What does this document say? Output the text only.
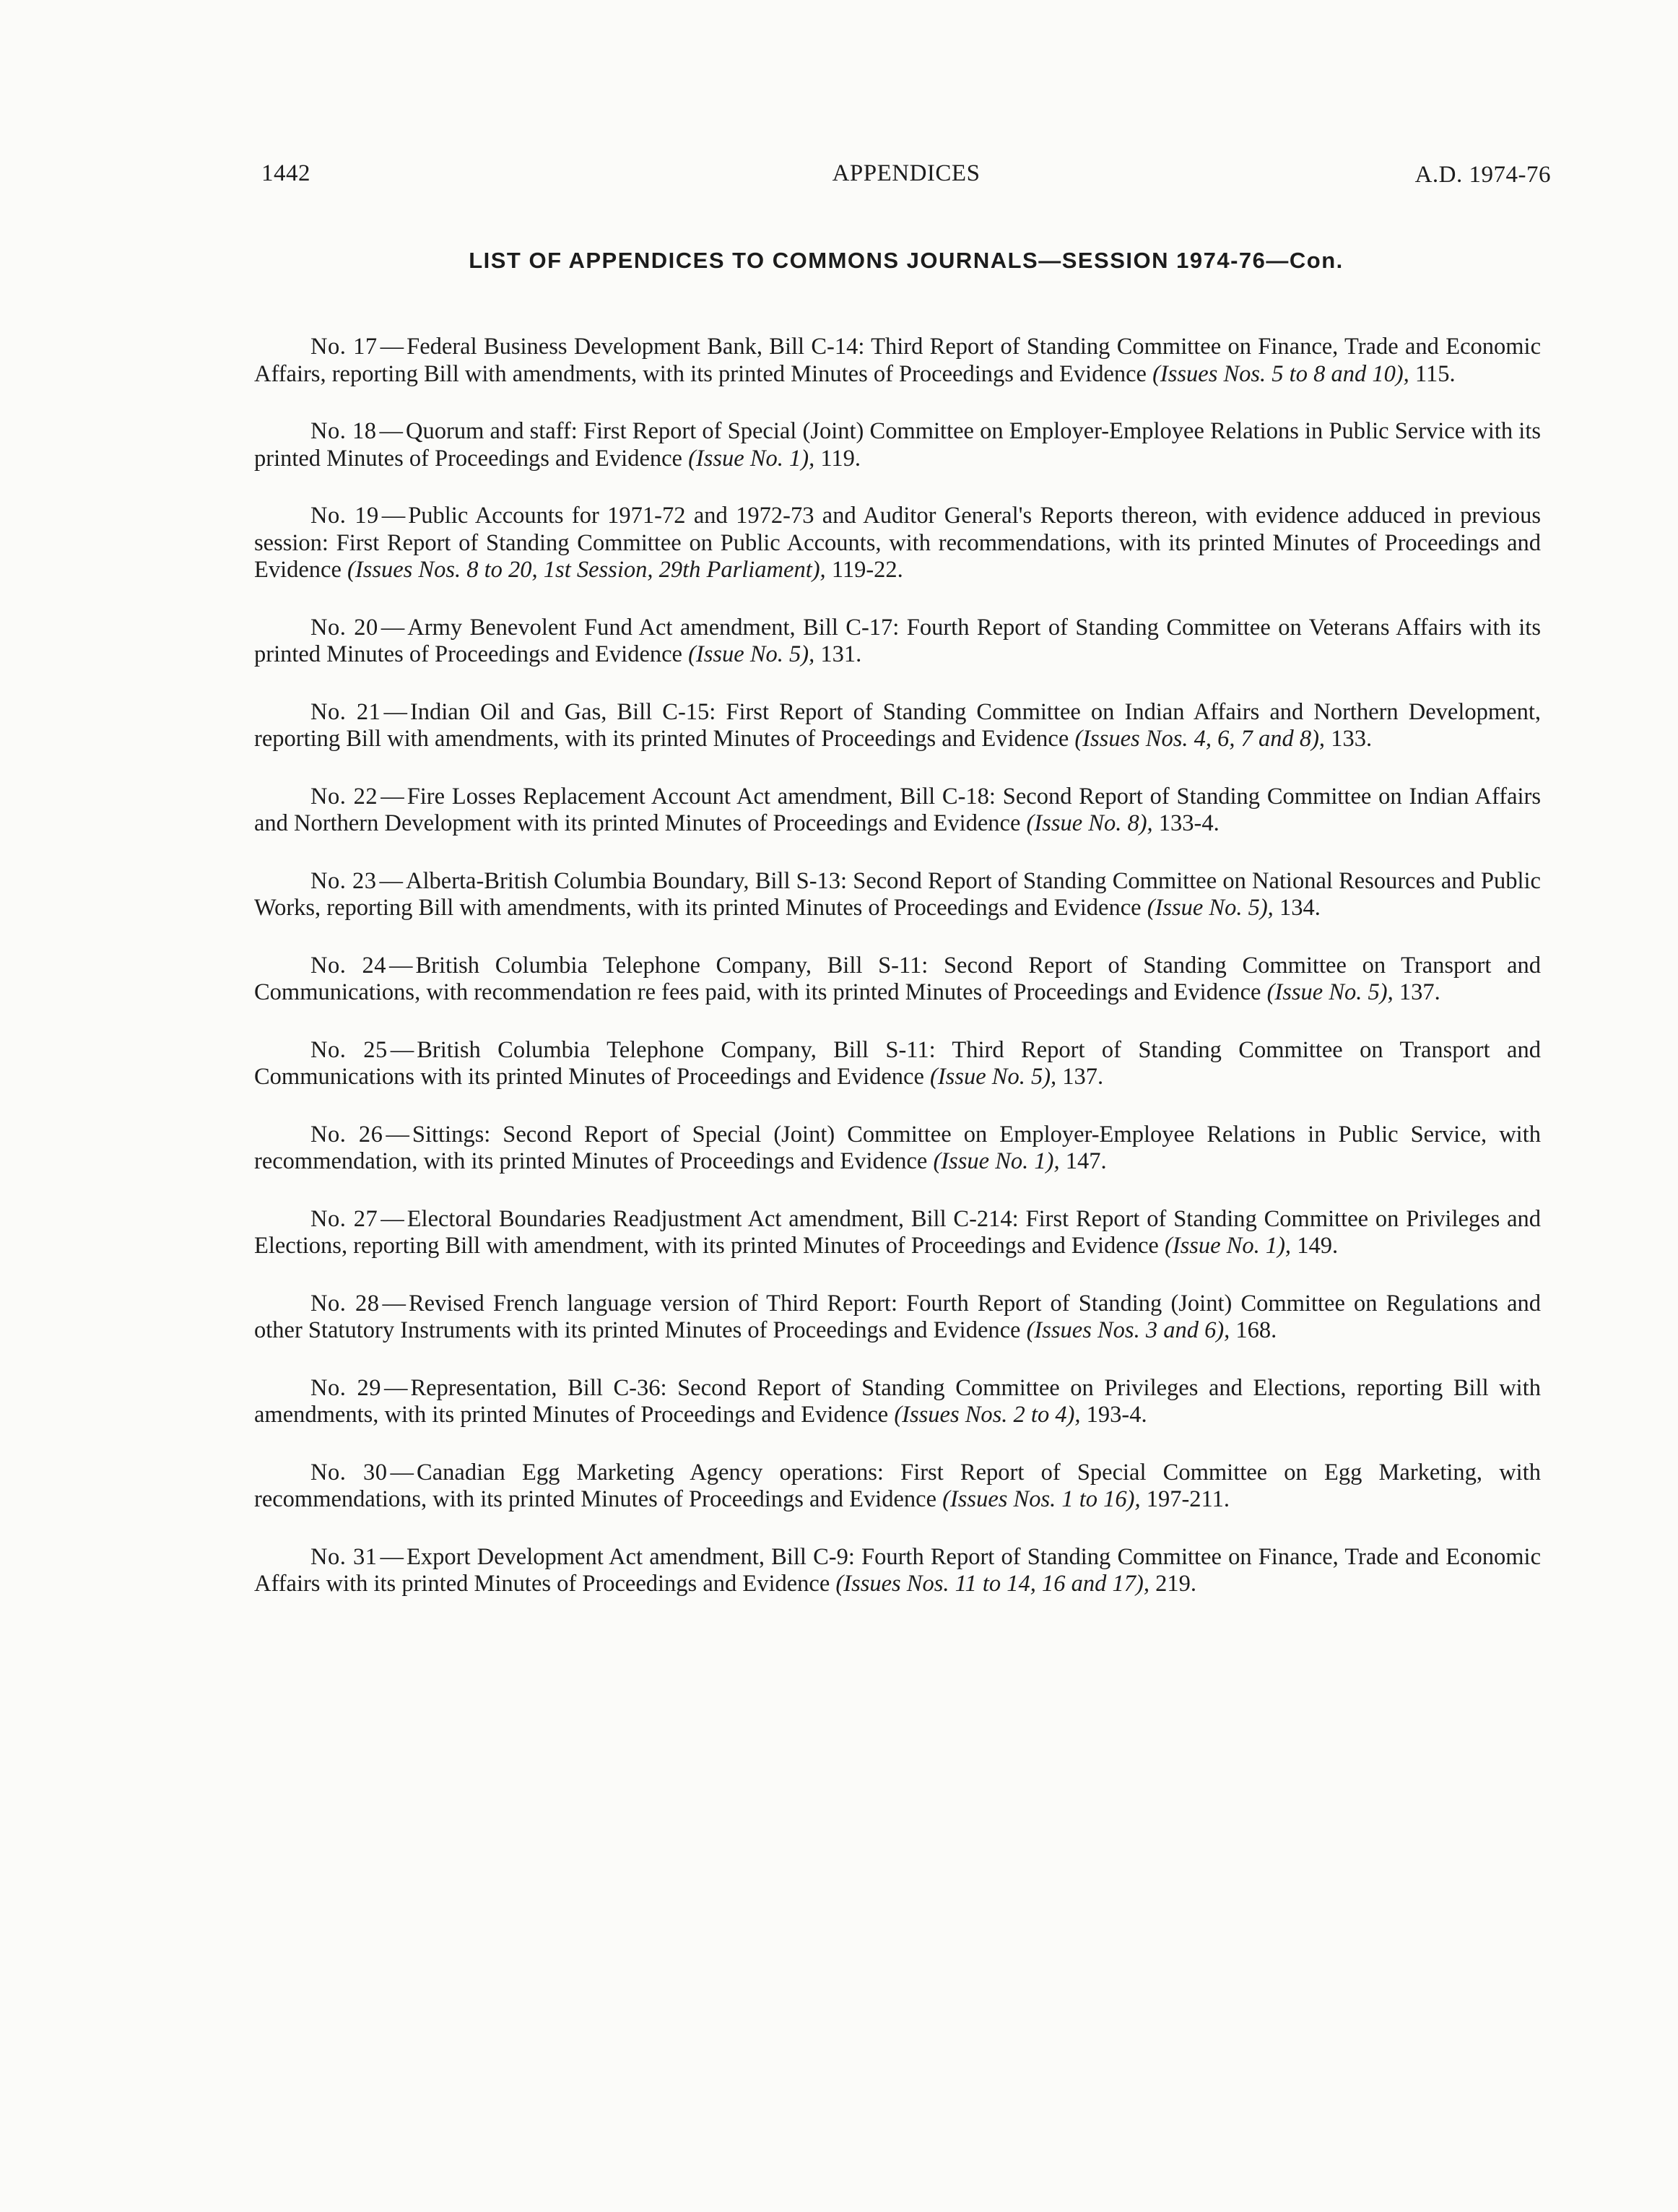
1442	APPENDICES	A.D. 1974-76
LIST OF APPENDICES TO COMMONS JOURNALS—SESSION 1974-76—Con.

No. 17 — Federal Business Development Bank, Bill C-14: Third Report of Standing Committee on Finance, Trade and Economic Affairs, reporting Bill with amendments, with its printed Minutes of Proceedings and Evidence (Issues Nos. 5 to 8 and 10), 115.

No. 18 — Quorum and staff: First Report of Special (Joint) Committee on Employer-Employee Relations in Public Service with its printed Minutes of Proceedings and Evidence (Issue No. 1), 119.

No. 19 — Public Accounts for 1971-72 and 1972-73 and Auditor General's Reports thereon, with evidence adduced in previous session: First Report of Standing Committee on Public Accounts, with recommendations, with its printed Minutes of Proceedings and Evidence (Issues Nos. 8 to 20, 1st Session, 29th Parliament), 119-22.

No. 20 — Army Benevolent Fund Act amendment, Bill C-17: Fourth Report of Standing Committee on Veterans Affairs with its printed Minutes of Proceedings and Evidence (Issue No. 5), 131.

No. 21 — Indian Oil and Gas, Bill C-15: First Report of Standing Committee on Indian Affairs and Northern Development, reporting Bill with amendments, with its printed Minutes of Proceedings and Evidence (Issues Nos. 4, 6, 7 and 8), 133.

No. 22 — Fire Losses Replacement Account Act amendment, Bill C-18: Second Report of Standing Committee on Indian Affairs and Northern Development with its printed Minutes of Proceedings and Evidence (Issue No. 8), 133-4.

No. 23 — Alberta-British Columbia Boundary, Bill S-13: Second Report of Standing Committee on National Resources and Public Works, reporting Bill with amendments, with its printed Minutes of Proceedings and Evidence (Issue No. 5), 134.

No. 24 — British Columbia Telephone Company, Bill S-11: Second Report of Standing Committee on Transport and Communications, with recommendation re fees paid, with its printed Minutes of Proceedings and Evidence (Issue No. 5), 137.

No. 25 — British Columbia Telephone Company, Bill S-11: Third Report of Standing Committee on Transport and Communications with its printed Minutes of Proceedings and Evidence (Issue No. 5), 137.

No. 26 — Sittings: Second Report of Special (Joint) Committee on Employer-Employee Relations in Public Service, with recommendation, with its printed Minutes of Proceedings and Evidence (Issue No. 1), 147.

No. 27 — Electoral Boundaries Readjustment Act amendment, Bill C-214: First Report of Standing Committee on Privileges and Elections, reporting Bill with amendment, with its printed Minutes of Proceedings and Evidence (Issue No. 1), 149.

No. 28 — Revised French language version of Third Report: Fourth Report of Standing (Joint) Committee on Regulations and other Statutory Instruments with its printed Minutes of Proceedings and Evidence (Issues Nos. 3 and 6), 168.

No. 29 — Representation, Bill C-36: Second Report of Standing Committee on Privileges and Elections, reporting Bill with amendments, with its printed Minutes of Proceedings and Evidence (Issues Nos. 2 to 4), 193-4.

No. 30 — Canadian Egg Marketing Agency operations: First Report of Special Committee on Egg Marketing, with recommendations, with its printed Minutes of Proceedings and Evidence (Issues Nos. 1 to 16), 197-211.

No. 31 — Export Development Act amendment, Bill C-9: Fourth Report of Standing Committee on Finance, Trade and Economic Affairs with its printed Minutes of Proceedings and Evidence (Issues Nos. 11 to 14, 16 and 17), 219.
